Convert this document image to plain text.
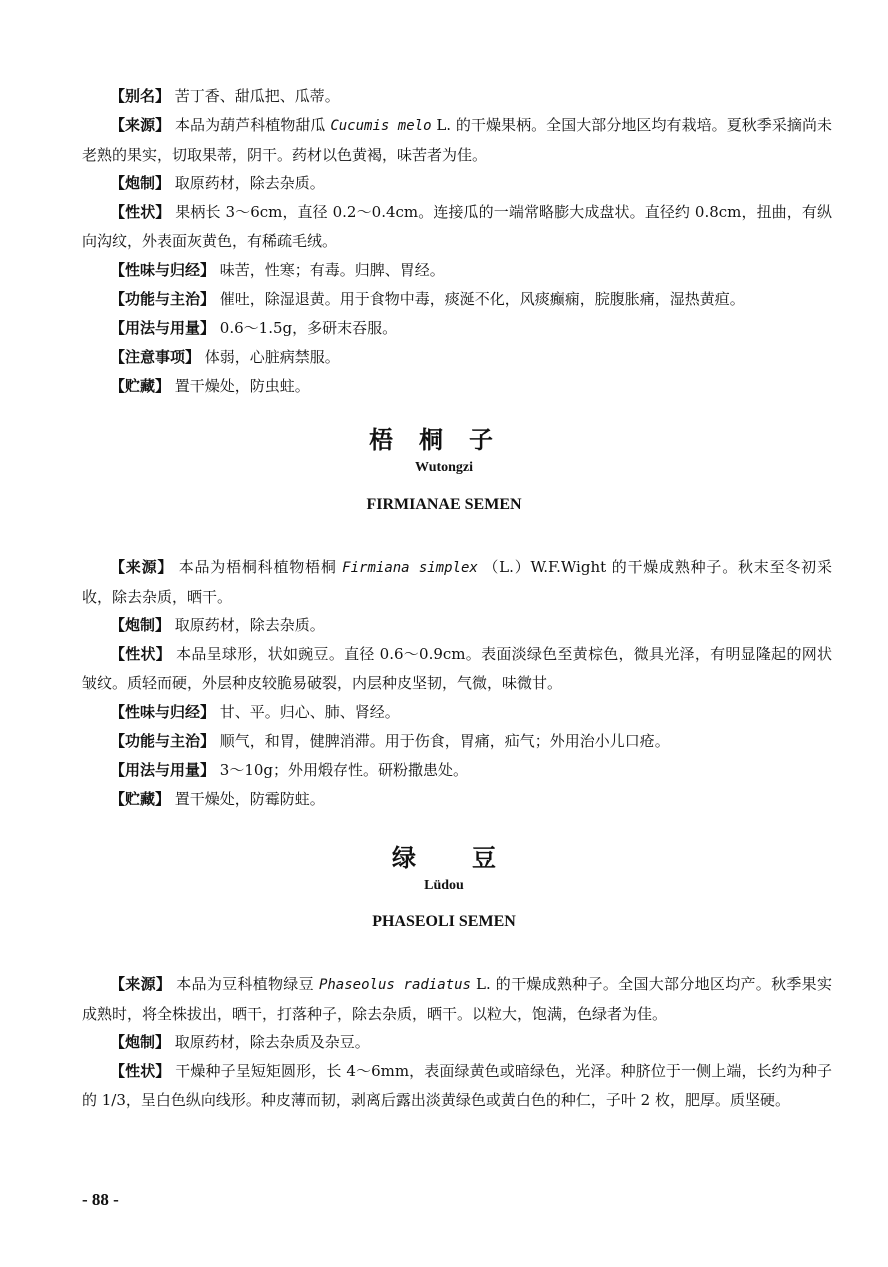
【别名】 苦丁香、甜瓜把、瓜蒂。

【来源】 本品为葫芦科植物甜瓜 Cucumis melo L. 的干燥果柄。全国大部分地区均有栽培。夏秋季采摘尚未老熟的果实，切取果蒂，阴干。药材以色黄褐，味苦者为佳。

【炮制】 取原药材，除去杂质。

【性状】 果柄长 3～6cm，直径 0.2～0.4cm。连接瓜的一端常略膨大成盘状。直径约 0.8cm，扭曲，有纵向沟纹，外表面灰黄色，有稀疏毛绒。

【性味与归经】 味苦，性寒；有毒。归脾、胃经。

【功能与主治】 催吐，除湿退黄。用于食物中毒，痰涎不化，风痰癫痫，脘腹胀痛，湿热黄疸。

【用法与用量】 0.6～1.5g，多研末吞服。

【注意事项】 体弱，心脏病禁服。

【贮藏】 置干燥处，防虫蛀。

梧桐子
Wutongzi
FIRMIANAE SEMEN

【来源】 本品为梧桐科植物梧桐 Firmiana simplex （L.）W.F.Wight 的干燥成熟种子。秋末至冬初采收，除去杂质，晒干。

【炮制】 取原药材，除去杂质。

【性状】 本品呈球形，状如豌豆。直径 0.6～0.9cm。表面淡绿色至黄棕色，微具光泽，有明显隆起的网状皱纹。质轻而硬，外层种皮较脆易破裂，内层种皮坚韧，气微，味微甘。

【性味与归经】 甘、平。归心、肺、肾经。

【功能与主治】 顺气，和胃，健脾消滞。用于伤食，胃痛，疝气；外用治小儿口疮。

【用法与用量】 3～10g；外用煅存性。研粉撒患处。

【贮藏】 置干燥处，防霉防蛀。

绿豆
Lüdou
PHASEOLI SEMEN

【来源】 本品为豆科植物绿豆 Phaseolus radiatus L. 的干燥成熟种子。全国大部分地区均产。秋季果实成熟时，将全株拔出，晒干，打落种子，除去杂质，晒干。以粒大，饱满，色绿者为佳。

【炮制】 取原药材，除去杂质及杂豆。

【性状】 干燥种子呈短矩圆形，长 4～6mm，表面绿黄色或暗绿色，光泽。种脐位于一侧上端，长约为种子的 1/3，呈白色纵向线形。种皮薄而韧，剥离后露出淡黄绿色或黄白色的种仁，子叶 2 枚，肥厚。质坚硬。

- 88 -
